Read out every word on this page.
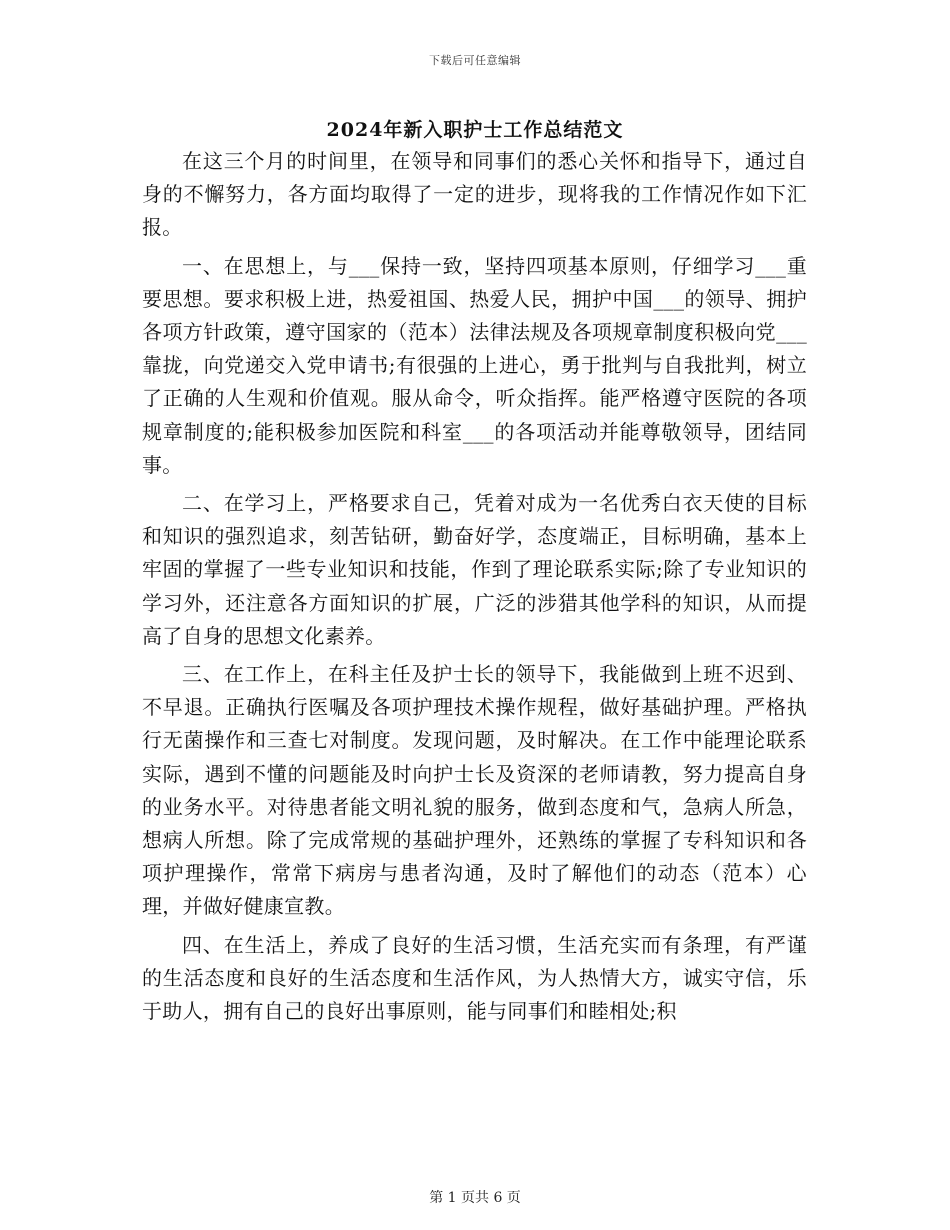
下载后可任意编辑
2024年新入职护士工作总结范文

在这三个月的时间里，在领导和同事们的悉心关怀和指导下，通过自身的不懈努力，各方面均取得了一定的进步，现将我的工作情况作如下汇报。

一、在思想上，与___保持一致，坚持四项基本原则，仔细学习___重要思想。要求积极上进，热爱祖国、热爱人民，拥护中国___的领导、拥护各项方针政策，遵守国家的（范本）法律法规及各项规章制度积极向党___靠拢，向党递交入党申请书;有很强的上进心，勇于批判与自我批判，树立了正确的人生观和价值观。服从命令，听众指挥。能严格遵守医院的各项规章制度的;能积极参加医院和科室___的各项活动并能尊敬领导，团结同事。

二、在学习上，严格要求自己，凭着对成为一名优秀白衣天使的目标和知识的强烈追求，刻苦钻研，勤奋好学，态度端正，目标明确，基本上牢固的掌握了一些专业知识和技能，作到了理论联系实际;除了专业知识的学习外，还注意各方面知识的扩展，广泛的涉猎其他学科的知识，从而提高了自身的思想文化素养。

三、在工作上，在科主任及护士长的领导下，我能做到上班不迟到、不早退。正确执行医嘱及各项护理技术操作规程，做好基础护理。严格执行无菌操作和三查七对制度。发现问题，及时解决。在工作中能理论联系实际，遇到不懂的问题能及时向护士长及资深的老师请教，努力提高自身的业务水平。对待患者能文明礼貌的服务，做到态度和气，急病人所急，想病人所想。除了完成常规的基础护理外，还熟练的掌握了专科知识和各项护理操作，常常下病房与患者沟通，及时了解他们的动态（范本）心理，并做好健康宣教。

四、在生活上，养成了良好的生活习惯，生活充实而有条理，有严谨的生活态度和良好的生活态度和生活作风，为人热情大方，诚实守信，乐于助人，拥有自己的良好出事原则，能与同事们和睦相处;积

第 1 页共 6 页
